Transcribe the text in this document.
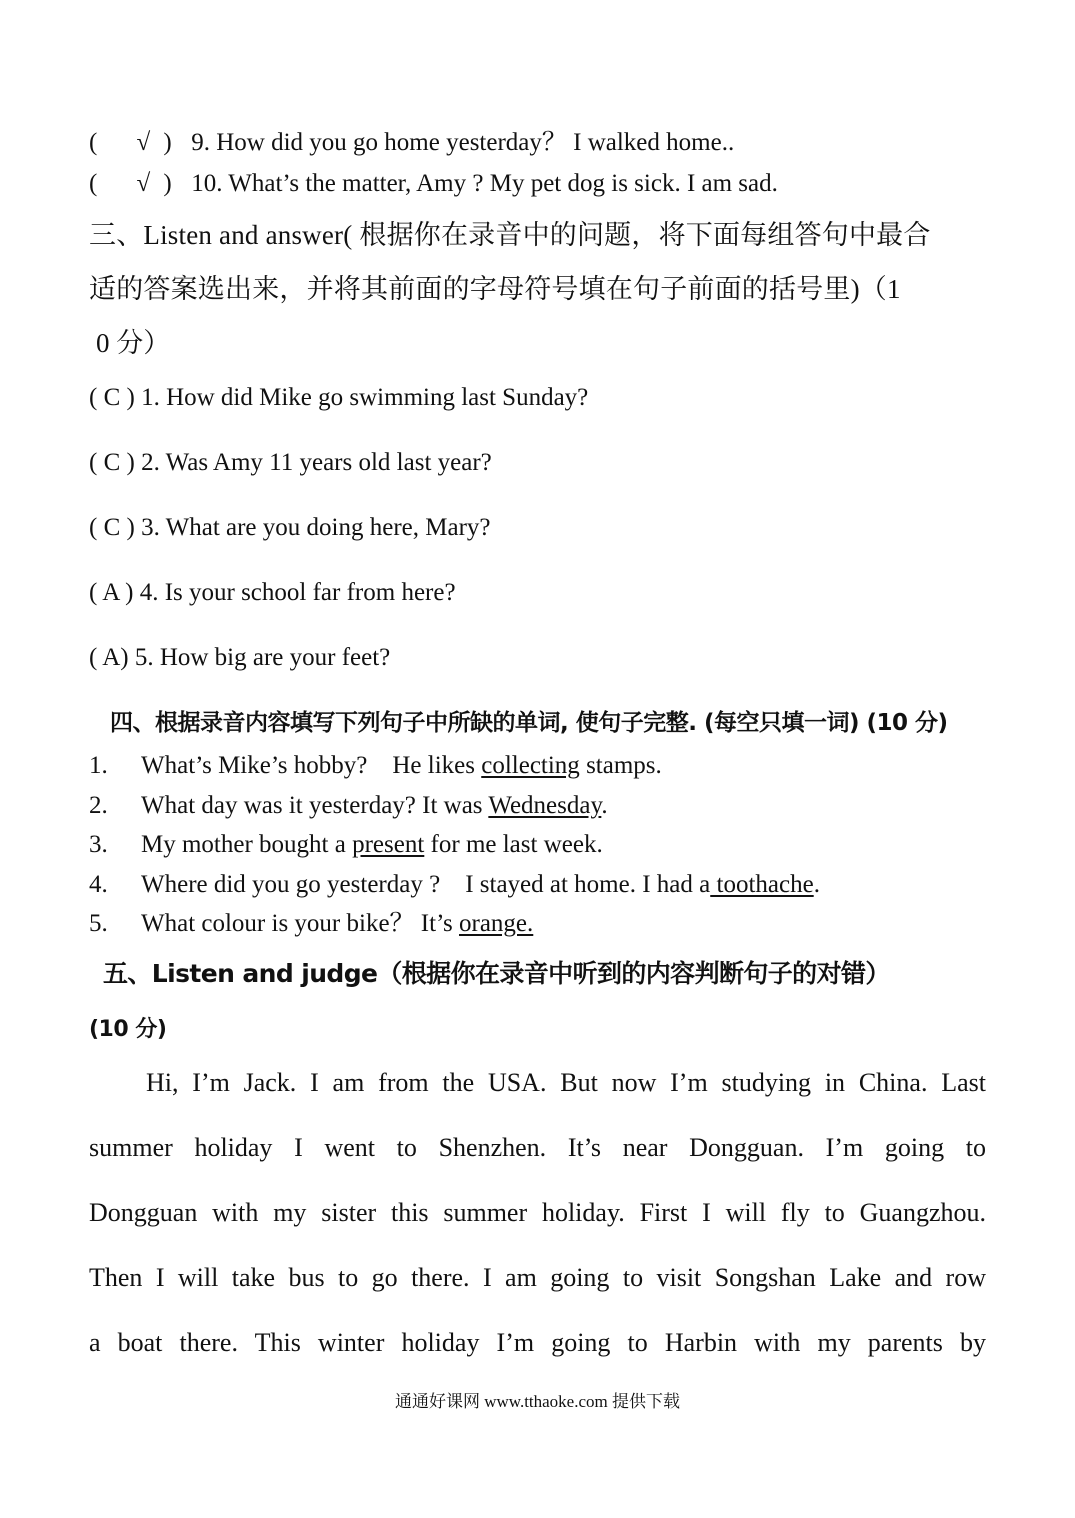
( √ ) 9. How did you go home yesterday？ I walked home..
( √ ) 10. What’s the matter, Amy ? My pet dog is sick. I am sad.
三、Listen and answer( 根据你在录音中的问题，将下面每组答句中最合
适的答案选出来，并将其前面的字母符号填在句子前面的括号里)（1
0 分）
( C ) 1. How did Mike go swimming last Sunday?
( C ) 2. Was Amy 11 years old last year?
( C ) 3. What are you doing here, Mary?
( A ) 4. Is your school far from here?
( A) 5. How big are your feet?
四、根据录音内容填写下列句子中所缺的单词, 使句子完整. (每空只填一词) (10 分)
1. What’s Mike’s hobby?    He likes collecting stamps.
2. What day was it yesterday? It was Wednesday.
3. My mother bought a present for me last week.
4. Where did you go yesterday ?    I stayed at home. I had a toothache.
5. What colour is your bike？ It’s orange.
五、Listen and judge（根据你在录音中听到的内容判断句子的对错）
(10 分)
Hi, I’m Jack. I am from the USA. But now I’m studying in China. Last
summer holiday I went to Shenzhen. It’s near Dongguan. I’m going to
Dongguan with my sister this summer holiday. First I will fly to Guangzhou.
Then I will take bus to go there. I am going to visit Songshan Lake and row
a boat there. This winter holiday I’m going to Harbin with my parents by
通通好课网 www.tthaoke.com 提供下载
